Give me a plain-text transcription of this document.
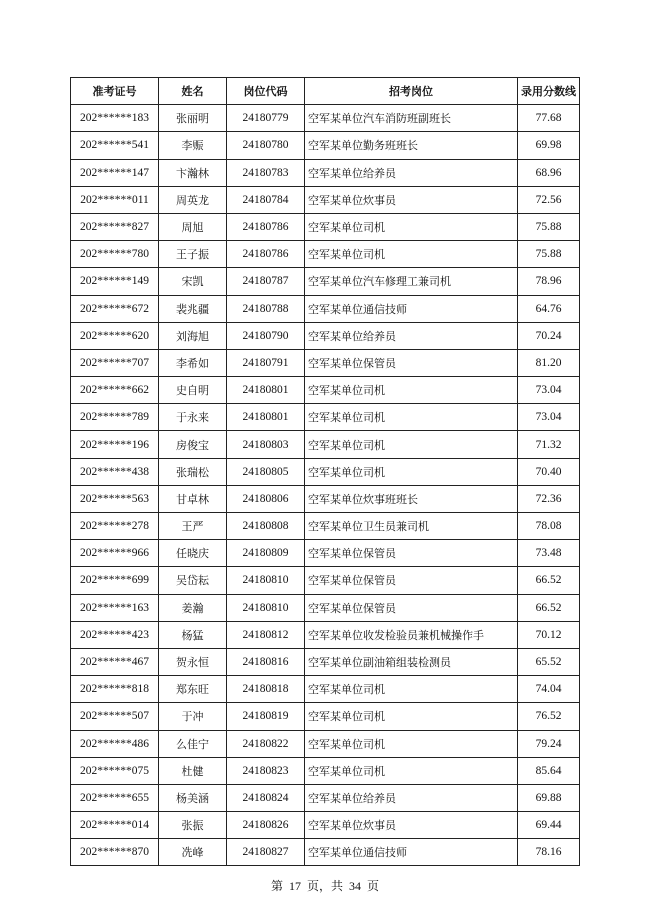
准考证号	姓名	岗位代码	招考岗位	录用分数线
202******183	张丽明	24180779	空军某单位汽车消防班副班长	77.68
202******541	李赈	24180780	空军某单位勤务班班长	69.98
202******147	卞瀚林	24180783	空军某单位给养员	68.96
202******011	周英龙	24180784	空军某单位炊事员	72.56
202******827	周旭	24180786	空军某单位司机	75.88
202******780	王子振	24180786	空军某单位司机	75.88
202******149	宋凯	24180787	空军某单位汽车修理工兼司机	78.96
202******672	裴兆疆	24180788	空军某单位通信技师	64.76
202******620	刘海旭	24180790	空军某单位给养员	70.24
202******707	李希如	24180791	空军某单位保管员	81.20
202******662	史自明	24180801	空军某单位司机	73.04
202******789	于永来	24180801	空军某单位司机	73.04
202******196	房俊宝	24180803	空军某单位司机	71.32
202******438	张瑞松	24180805	空军某单位司机	70.40
202******563	甘卓林	24180806	空军某单位炊事班班长	72.36
202******278	王严	24180808	空军某单位卫生员兼司机	78.08
202******966	任晓庆	24180809	空军某单位保管员	73.48
202******699	吴岱耘	24180810	空军某单位保管员	66.52
202******163	姜瀚	24180810	空军某单位保管员	66.52
202******423	杨猛	24180812	空军某单位收发检验员兼机械操作手	70.12
202******467	贺永恒	24180816	空军某单位副油箱组装检测员	65.52
202******818	郑东旺	24180818	空军某单位司机	74.04
202******507	于冲	24180819	空军某单位司机	76.52
202******486	么佳宁	24180822	空军某单位司机	79.24
202******075	杜健	24180823	空军某单位司机	85.64
202******655	杨美涵	24180824	空军某单位给养员	69.88
202******014	张振	24180826	空军某单位炊事员	69.44
202******870	冼峰	24180827	空军某单位通信技师	78.16
第 17 页，共 34 页
